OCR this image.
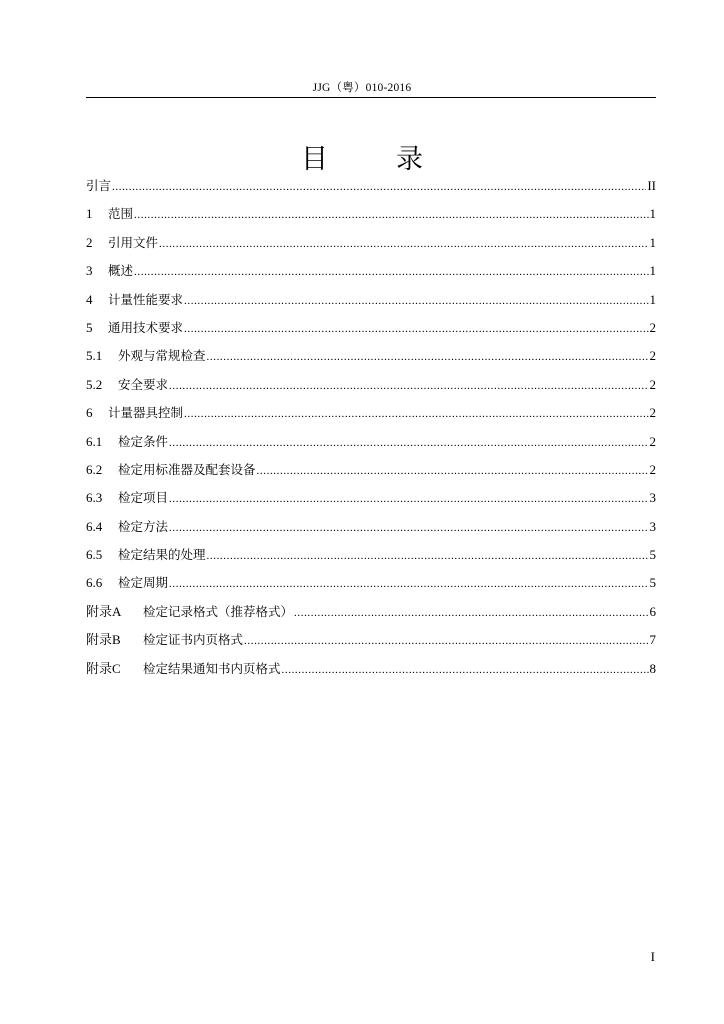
JJG（粤）010-2016
目	录
引言 .....	II
1	范围 .....	1
2	引用文件 .....	1
3	概述 .....	1
4	计量性能要求 .....	1
5	通用技术要求 .....	2
5.1	外观与常规检查 .....	2
5.2	安全要求 .....	2
6	计量器具控制 .....	2
6.1	检定条件 .....	2
6.2	检定用标准器及配套设备 .....	2
6.3	检定项目 .....	3
6.4	检定方法 .....	3
6.5	检定结果的处理 .....	5
6.6	检定周期 .....	5
附录A	检定记录格式（推荐格式） .....	6
附录B	检定证书内页格式 .....	7
附录C	检定结果通知书内页格式 .....	8
I
